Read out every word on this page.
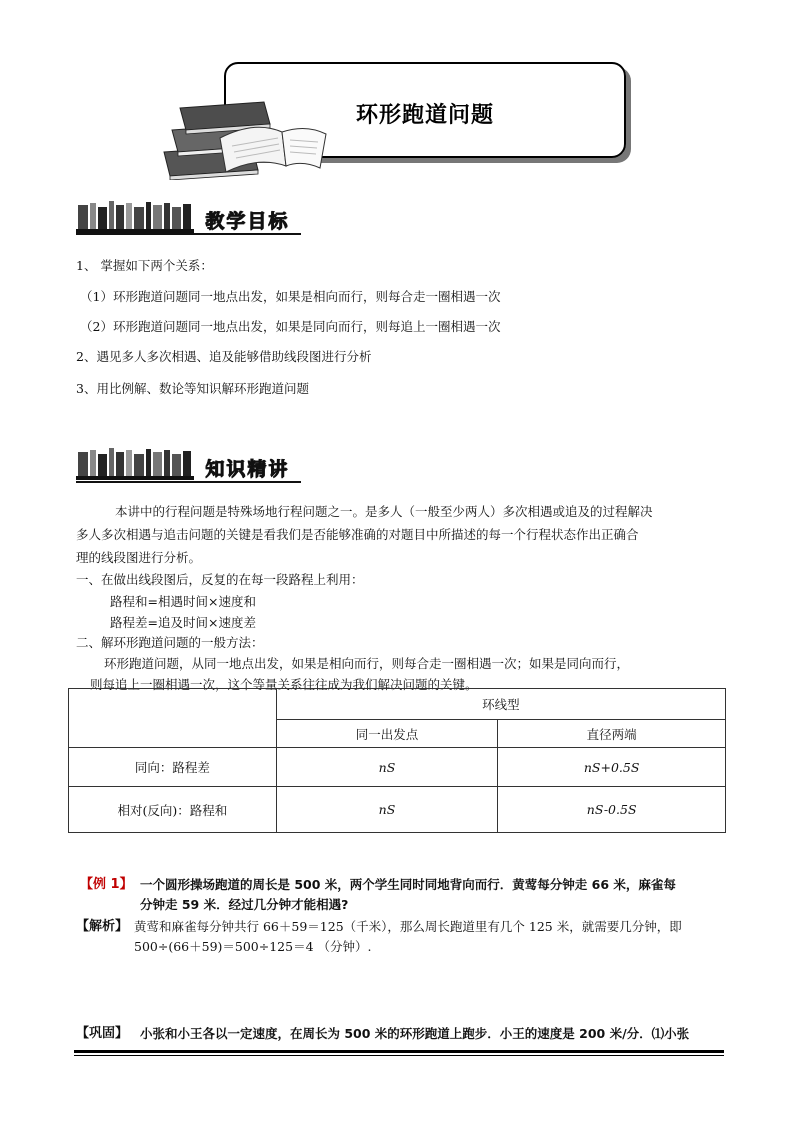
环形跑道问题
教学目标
1、 掌握如下两个关系：
（1）环形跑道问题同一地点出发，如果是相向而行，则每合走一圈相遇一次
（2）环形跑道问题同一地点出发，如果是同向而行，则每追上一圈相遇一次
2、遇见多人多次相遇、追及能够借助线段图进行分析
3、用比例解、数论等知识解环形跑道问题
知识精讲
本讲中的行程问题是特殊场地行程问题之一。是多人（一般至少两人）多次相遇或追及的过程解决
多人多次相遇与追击问题的关键是看我们是否能够准确的对题目中所描述的每一个行程状态作出正确合
理的线段图进行分析。
一、在做出线段图后，反复的在每一段路程上利用：
路程和=相遇时间×速度和
路程差=追及时间×速度差
二、解环形跑道问题的一般方法：
环形跑道问题，从同一地点出发，如果是相向而行，则每合走一圈相遇一次；如果是同向而行，
则每追上一圈相遇一次，这个等量关系往往成为我们解决问题的关键。
	环线型	
	同一出发点	直径两端
同向：路程差	nS	nS+0.5S
相对(反向)：路程和	nS	nS-0.5S
【例 1】 一个圆形操场跑道的周长是 500 米，两个学生同时同地背向而行．黄莺每分钟走 66 米，麻雀每
分钟走 59 米．经过几分钟才能相遇?
【解析】 黄莺和麻雀每分钟共行 66＋59＝125（千米），那么周长跑道里有几个 125 米，就需要几分钟，即
500÷(66＋59)＝500÷125＝4 （分钟）.
【巩固】 小张和小王各以一定速度，在周长为 500 米的环形跑道上跑步．小王的速度是 200 米/分．⑴小张
